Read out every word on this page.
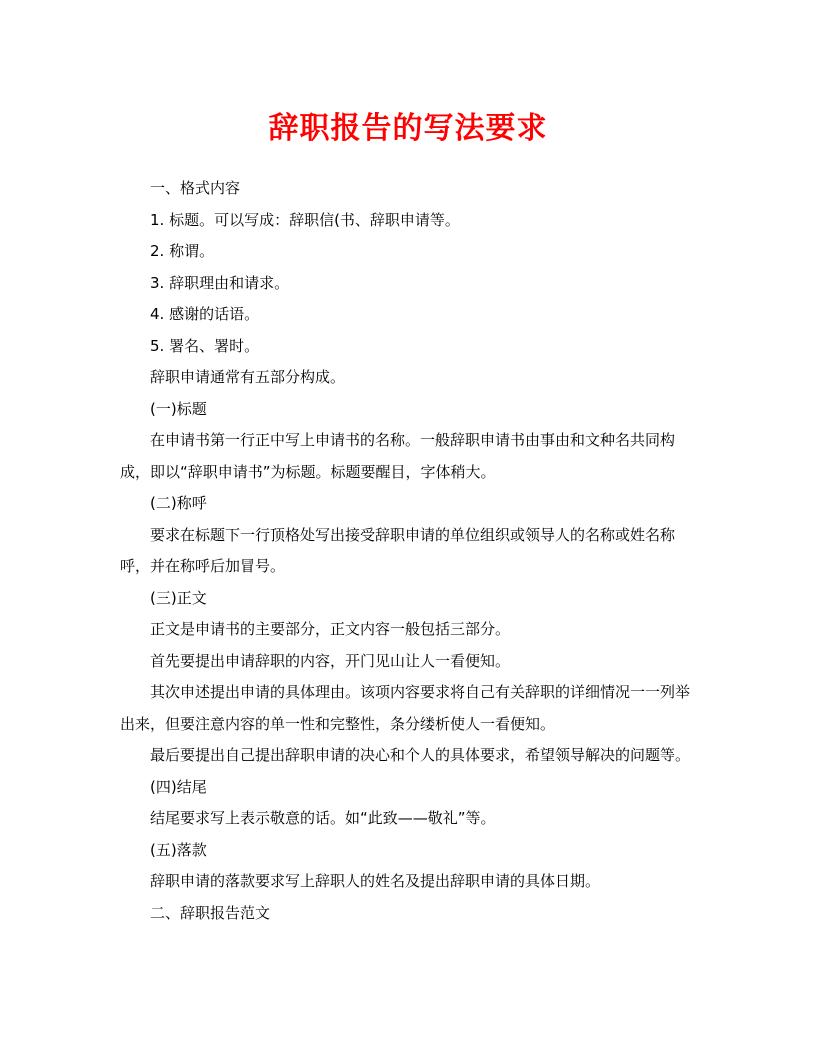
辞职报告的写法要求

一、格式内容

1. 标题。可以写成：辞职信(书、辞职申请等。

2. 称谓。

3. 辞职理由和请求。

4. 感谢的话语。

5. 署名、署时。

辞职申请通常有五部分构成。

(一)标题

在申请书第一行正中写上申请书的名称。一般辞职申请书由事由和文种名共同构成，即以“辞职申请书”为标题。标题要醒目，字体稍大。

(二)称呼

要求在标题下一行顶格处写出接受辞职申请的单位组织或领导人的名称或姓名称呼，并在称呼后加冒号。

(三)正文

正文是申请书的主要部分，正文内容一般包括三部分。

首先要提出申请辞职的内容，开门见山让人一看便知。

其次申述提出申请的具体理由。该项内容要求将自己有关辞职的详细情况一一列举出来，但要注意内容的单一性和完整性，条分缕析使人一看便知。

最后要提出自己提出辞职申请的决心和个人的具体要求，希望领导解决的问题等。

(四)结尾

结尾要求写上表示敬意的话。如“此致——敬礼”等。

(五)落款

辞职申请的落款要求写上辞职人的姓名及提出辞职申请的具体日期。

二、辞职报告范文
